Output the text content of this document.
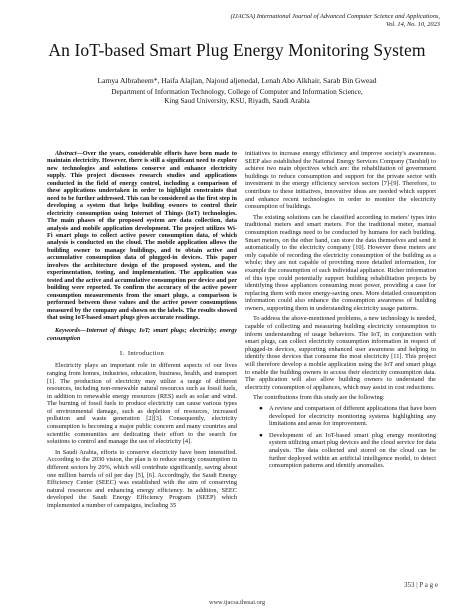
(IJACSA) International Journal of Advanced Computer Science and Applications,
Vol. 14, No. 10, 2023
An IoT-based Smart Plug Energy Monitoring System
Lamya Albraheem*, Haifa Alajlan, Najoud aljenedal, Lenah Abo Alkhair, Sarab Bin Gwead
Department of Information Technology, College of Computer and Information Science,
King Saud University, KSU, Riyadh, Saudi Arabia

Abstract—Over the years, considerable efforts have been made to maintain electricity. However, there is still a significant need to explore new technologies and solutions conserve and enhance electricity supply. This project discusses research studies and applications conducted in the field of energy control, including a comparison of these applications undertaken in order to highlight constraints that need to be further addressed. This can be considered as the first step in developing a system that helps building owners to control their electricity consumption using Internet of Things (IoT) technologies. The main phases of the proposed system are data collection, data analysis and mobile application development. The project utilizes Wi-Fi smart plugs to collect active power consumption data, of which analysis is conducted on the cloud. The mobile application allows the building owner to manage buildings, and to obtain active and accumulative consumption data of plugged-in devices. This paper involves the architecture design of the proposed system, and the experimentation, testing, and implementation. The application was tested and the active and accumulative consumption per device and per building were reported. To confirm the accuracy of the active power consumption measurements from the smart plugs, a comparison is performed between these values and the active power consumptions measured by the company and shown on the labels. The results showed that using IoT-based smart plugs gives accurate readings.

Keywords—Internet of things; IoT; smart plugs; electricity; energy consumption

I. Introduction

Electricity plays an important role in different aspects of our lives ranging from homes, industries, education, business, health, and transport [1]. The production of electricity may utilize a range of different resources, including non-renewable natural resources such as fossil fuels, in addition to renewable energy resources (RES) such as solar and wind. The burning of fossil fuels to produce electricity can cause various types of environmental damage, such as depletion of resources, increased pollution and waste generation [2][3]. Consequently, electricity consumption is becoming a major public concern and many countries and scientific communities are dedicating their effort to the search for solutions to control and manage the use of electricity [4].

In Saudi Arabia, efforts to conserve electricity have been intensified. According to the 2030 vision, the plan is to reduce energy consumption in different sectors by 20%, which will contribute significantly, saving about one million barrels of oil per day [5], [6]. Accordingly, the Saudi Energy Efficiency Center (SEEC) was established with the aim of conserving natural resources and enhancing energy efficiency. In addition, SEEC developed the Saudi Energy Efficiency Program (SEEP) which implemented a number of campaigns, including 35

initiatives to increase energy efficiency and improve society's awareness. SEEP also established the National Energy Services Company (Tarshid) to achieve two main objectives which are: the rehabilitation of government buildings to reduce consumption and support for the private sector with investment in the energy efficiency services sectors [7]-[9]. Therefore, to contribute to these initiatives, innovative ideas are needed which support and enhance recent technologies in order to monitor the electricity consumption of buildings.

The existing solutions can be classified according to meters' types into traditional meters and smart meters. For the traditional meter, manual consumption readings need to be conducted by humans for each building. Smart meters, on the other hand, can store the data themselves and send it automatically to the electricity company [10]. However these meters are only capable of recording the electricity consumption of the building as a whole; they are not capable of providing more detailed information, for example the consumption of each individual appliance. Richer information of this type could potentially support building rehabilitation projects by identifying those appliances consuming most power, providing a case for replacing them with more energy-saving ones. More detailed consumption information could also enhance the consumption awareness of building owners, supporting them in understanding electricity usage patterns.

To address the above-mentioned problems, a new technology is needed, capable of collecting and measuring building electricity consumption to inform understanding of usage behaviors. The IoT, in conjunction with smart plugs, can collect electricity consumption information in respect of plugged-in devices, supporting enhanced user awareness and helping to identify those devices that consume the most electricity [11]. This project will therefore develop a mobile application using the IoT and smart plugs to enable the building owners to access their electricity consumption data. The application will also allow building owners to understand the electricity consumption of appliances, which may assist in cost reductions.

The contributions from this study are the following:

● A review and comparison of different applications that have been developed for electricity monitoring systems highlighting any limitations and areas for improvement.
● Development of an IoT-based smart plug energy monitoring system utilizing smart plug devices and the cloud service for data analysis. The data collected and stored on the cloud can be further deployed within an artificial intelligence model, to detect consumption patterns and identify anomalies.
353 | P a g e
www.ijacsa.thesai.org
